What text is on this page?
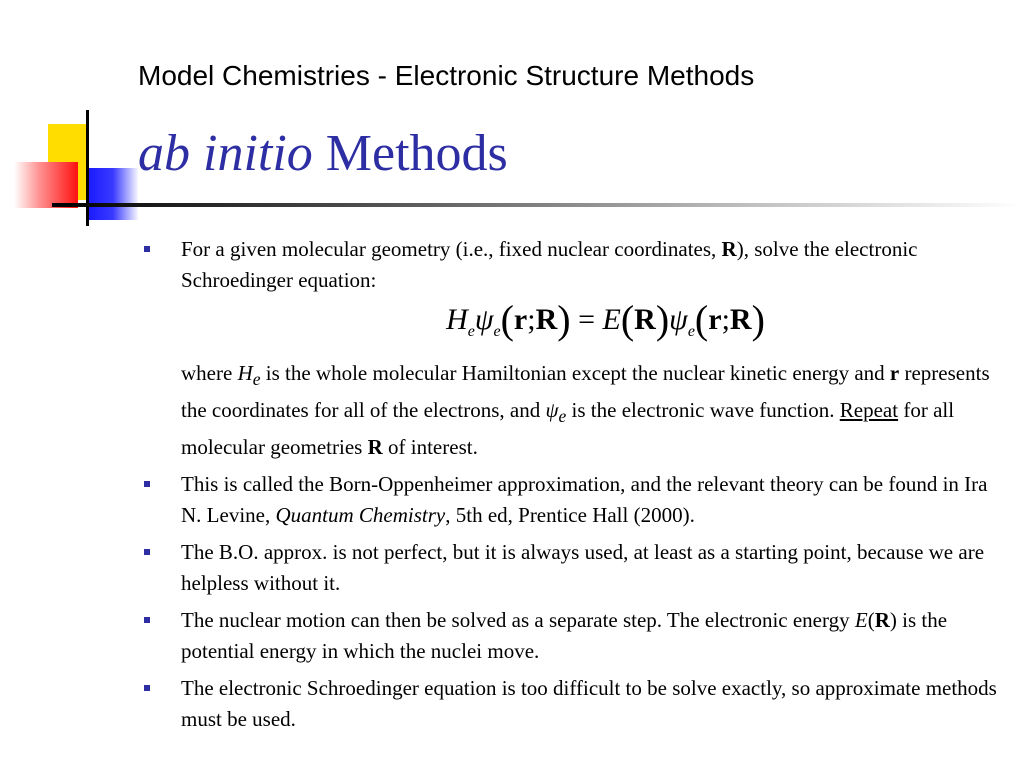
Model Chemistries - Electronic Structure Methods
ab initio Methods

For a given molecular geometry (i.e., fixed nuclear coordinates, R), solve the electronic Schroedinger equation:

$H_e\psi_e(r;R)$ = $E(R)\psi_e(r;R)$

where $H_e$ is the whole molecular Hamiltonian except the nuclear kinetic energy and r represents the coordinates for all of the electrons, and $\psi_e$ is the electronic wave function. Repeat for all molecular geometries R of interest.

This is called the Born-Oppenheimer approximation, and the relevant theory can be found in Ira N. Levine, Quantum Chemistry, 5th ed, Prentice Hall (2000).

The B.O. approx. is not perfect, but it is always used, at least as a starting point, because we are helpless without it.

The nuclear motion can then be solved as a separate step. The electronic energy E(R) is the potential energy in which the nuclei move.

The electronic Schroedinger equation is too difficult to be solve exactly, so approximate methods must be used.
